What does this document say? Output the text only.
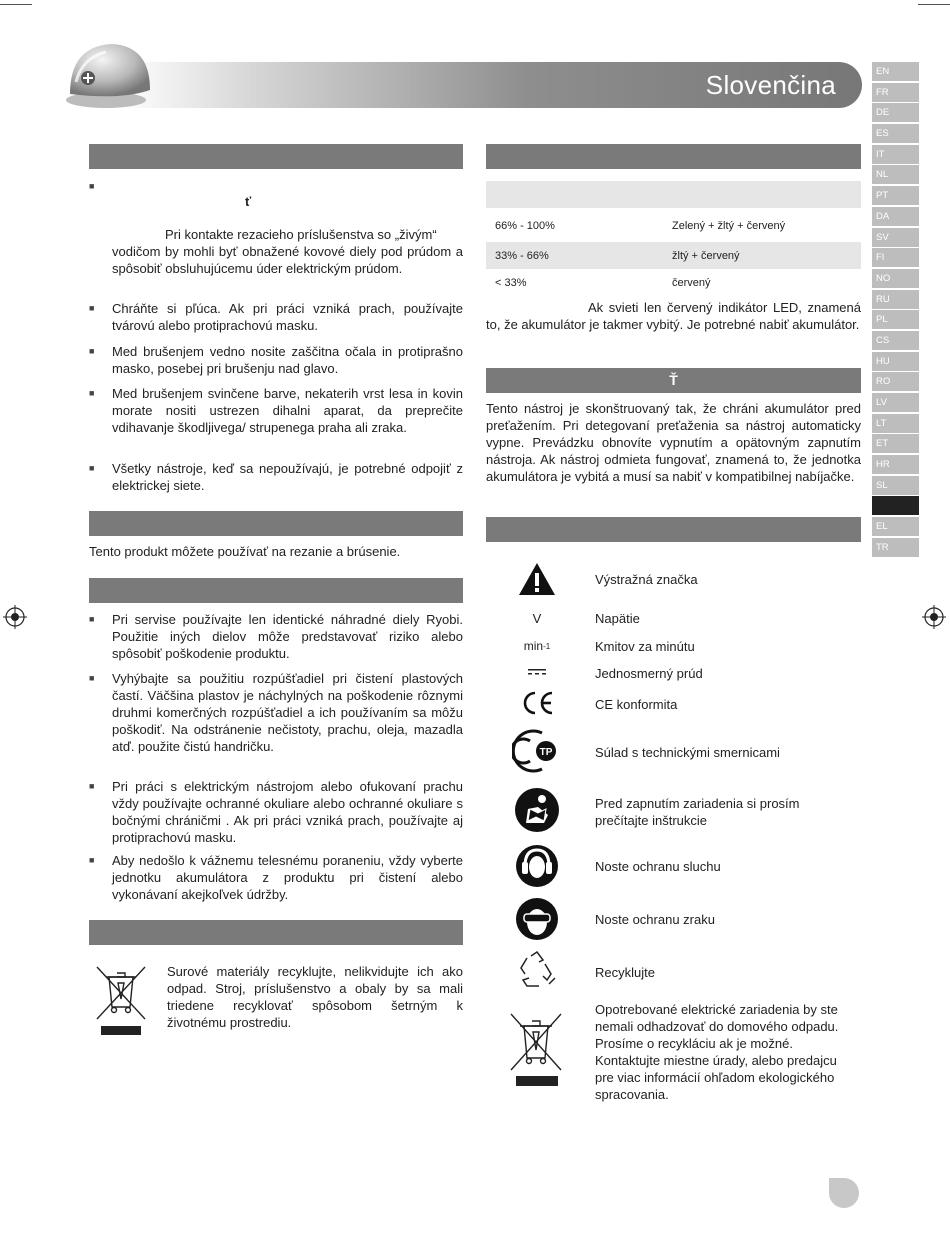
Slovenčina	EN
FR
DE
ES
IT
NL
PT
DA
SV
FI
NO
RU
PL
CS
HU
RO
LV
LT
ET
HR
SL
EL
TR
■
ť
Pri kontakte rezacieho príslušenstva so „živým“
vodičom by mohli byť obnažené kovové diely pod prúdom a spôsobiť obsluhujúcemu úder elektrickým prúdom.
■ Chráňte si pľúca. Ak pri práci vzniká prach, používajte tvárovú alebo protiprachovú masku.
■ Med brušenjem vedno nosite zaščitna očala in protiprašno masko, posebej pri brušenju nad glavo.
■ Med brušenjem svinčene barve, nekaterih vrst lesa in kovin morate nositi ustrezen dihalni aparat, da preprečite vdihavanje škodljivega/ strupenega praha ali zraka.
■ Všetky nástroje, keď sa nepoužívajú, je potrebné odpojiť z elektrickej siete.
Tento produkt môžete používať na rezanie a brúsenie.
■ Pri servise používajte len identické náhradné diely Ryobi. Použitie iných dielov môže predstavovať riziko alebo spôsobiť poškodenie produktu.
■ Vyhýbajte sa použitiu rozpúšťadiel pri čistení plastových častí. Väčšina plastov je náchylných na poškodenie rôznymi druhmi komerčných rozpúšťadiel a ich používaním sa môžu poškodiť. Na odstránenie nečistoty, prachu, oleja, mazadla atď. použite čistú handričku.
■ Pri práci s elektrickým nástrojom alebo ofukovaní prachu vždy používajte ochranné okuliare alebo ochranné okuliare s bočnými chráničmi . Ak pri práci vzniká prach, používajte aj protiprachovú masku.
■ Aby nedošlo k vážnemu telesnému poraneniu, vždy vyberte jednotku akumulátora z produktu pri čistení alebo vykonávaní akejkoľvek údržby.
Surové materiály recyklujte, nelikvidujte ich ako odpad. Stroj, príslušenstvo a obaly by sa mali triedene recyklovať spôsobom šetrným k životnému prostrediu.
66% - 100%	Zelený + žltý + červený
33% - 66%	žltý + červený
< 33%	červený
Ak svieti len červený indikátor LED, znamená to, že akumulátor je takmer vybitý. Je potrebné nabiť akumulátor.
Ť
Tento nástroj je skonštruovaný tak, že chráni akumulátor pred preťažením. Pri detegovaní preťaženia sa nástroj automaticky vypne. Prevádzku obnovíte vypnutím a opätovným zapnutím nástroja. Ak nástroj odmieta fungovať, znamená to, že jednotka akumulátora je vybitá a musí sa nabiť v kompatibilnej nabíjačke.
Výstražná značka
V	Napätie
min -1	Kmitov za minútu
Jednosmerný prúd
CE konformita
TP	Súlad s technickými smernicami
Pred zapnutím zariadenia si prosím
prečítajte inštrukcie
Noste ochranu sluchu
Noste ochranu zraku
Recyklujte
Opotrebované elektrické zariadenia by ste nemali odhadzovať do domového odpadu. Prosíme o recykláciu ak je možné. Kontaktujte miestne úrady, alebo predajcu pre viac informácií ohľadom ekologického spracovania.
